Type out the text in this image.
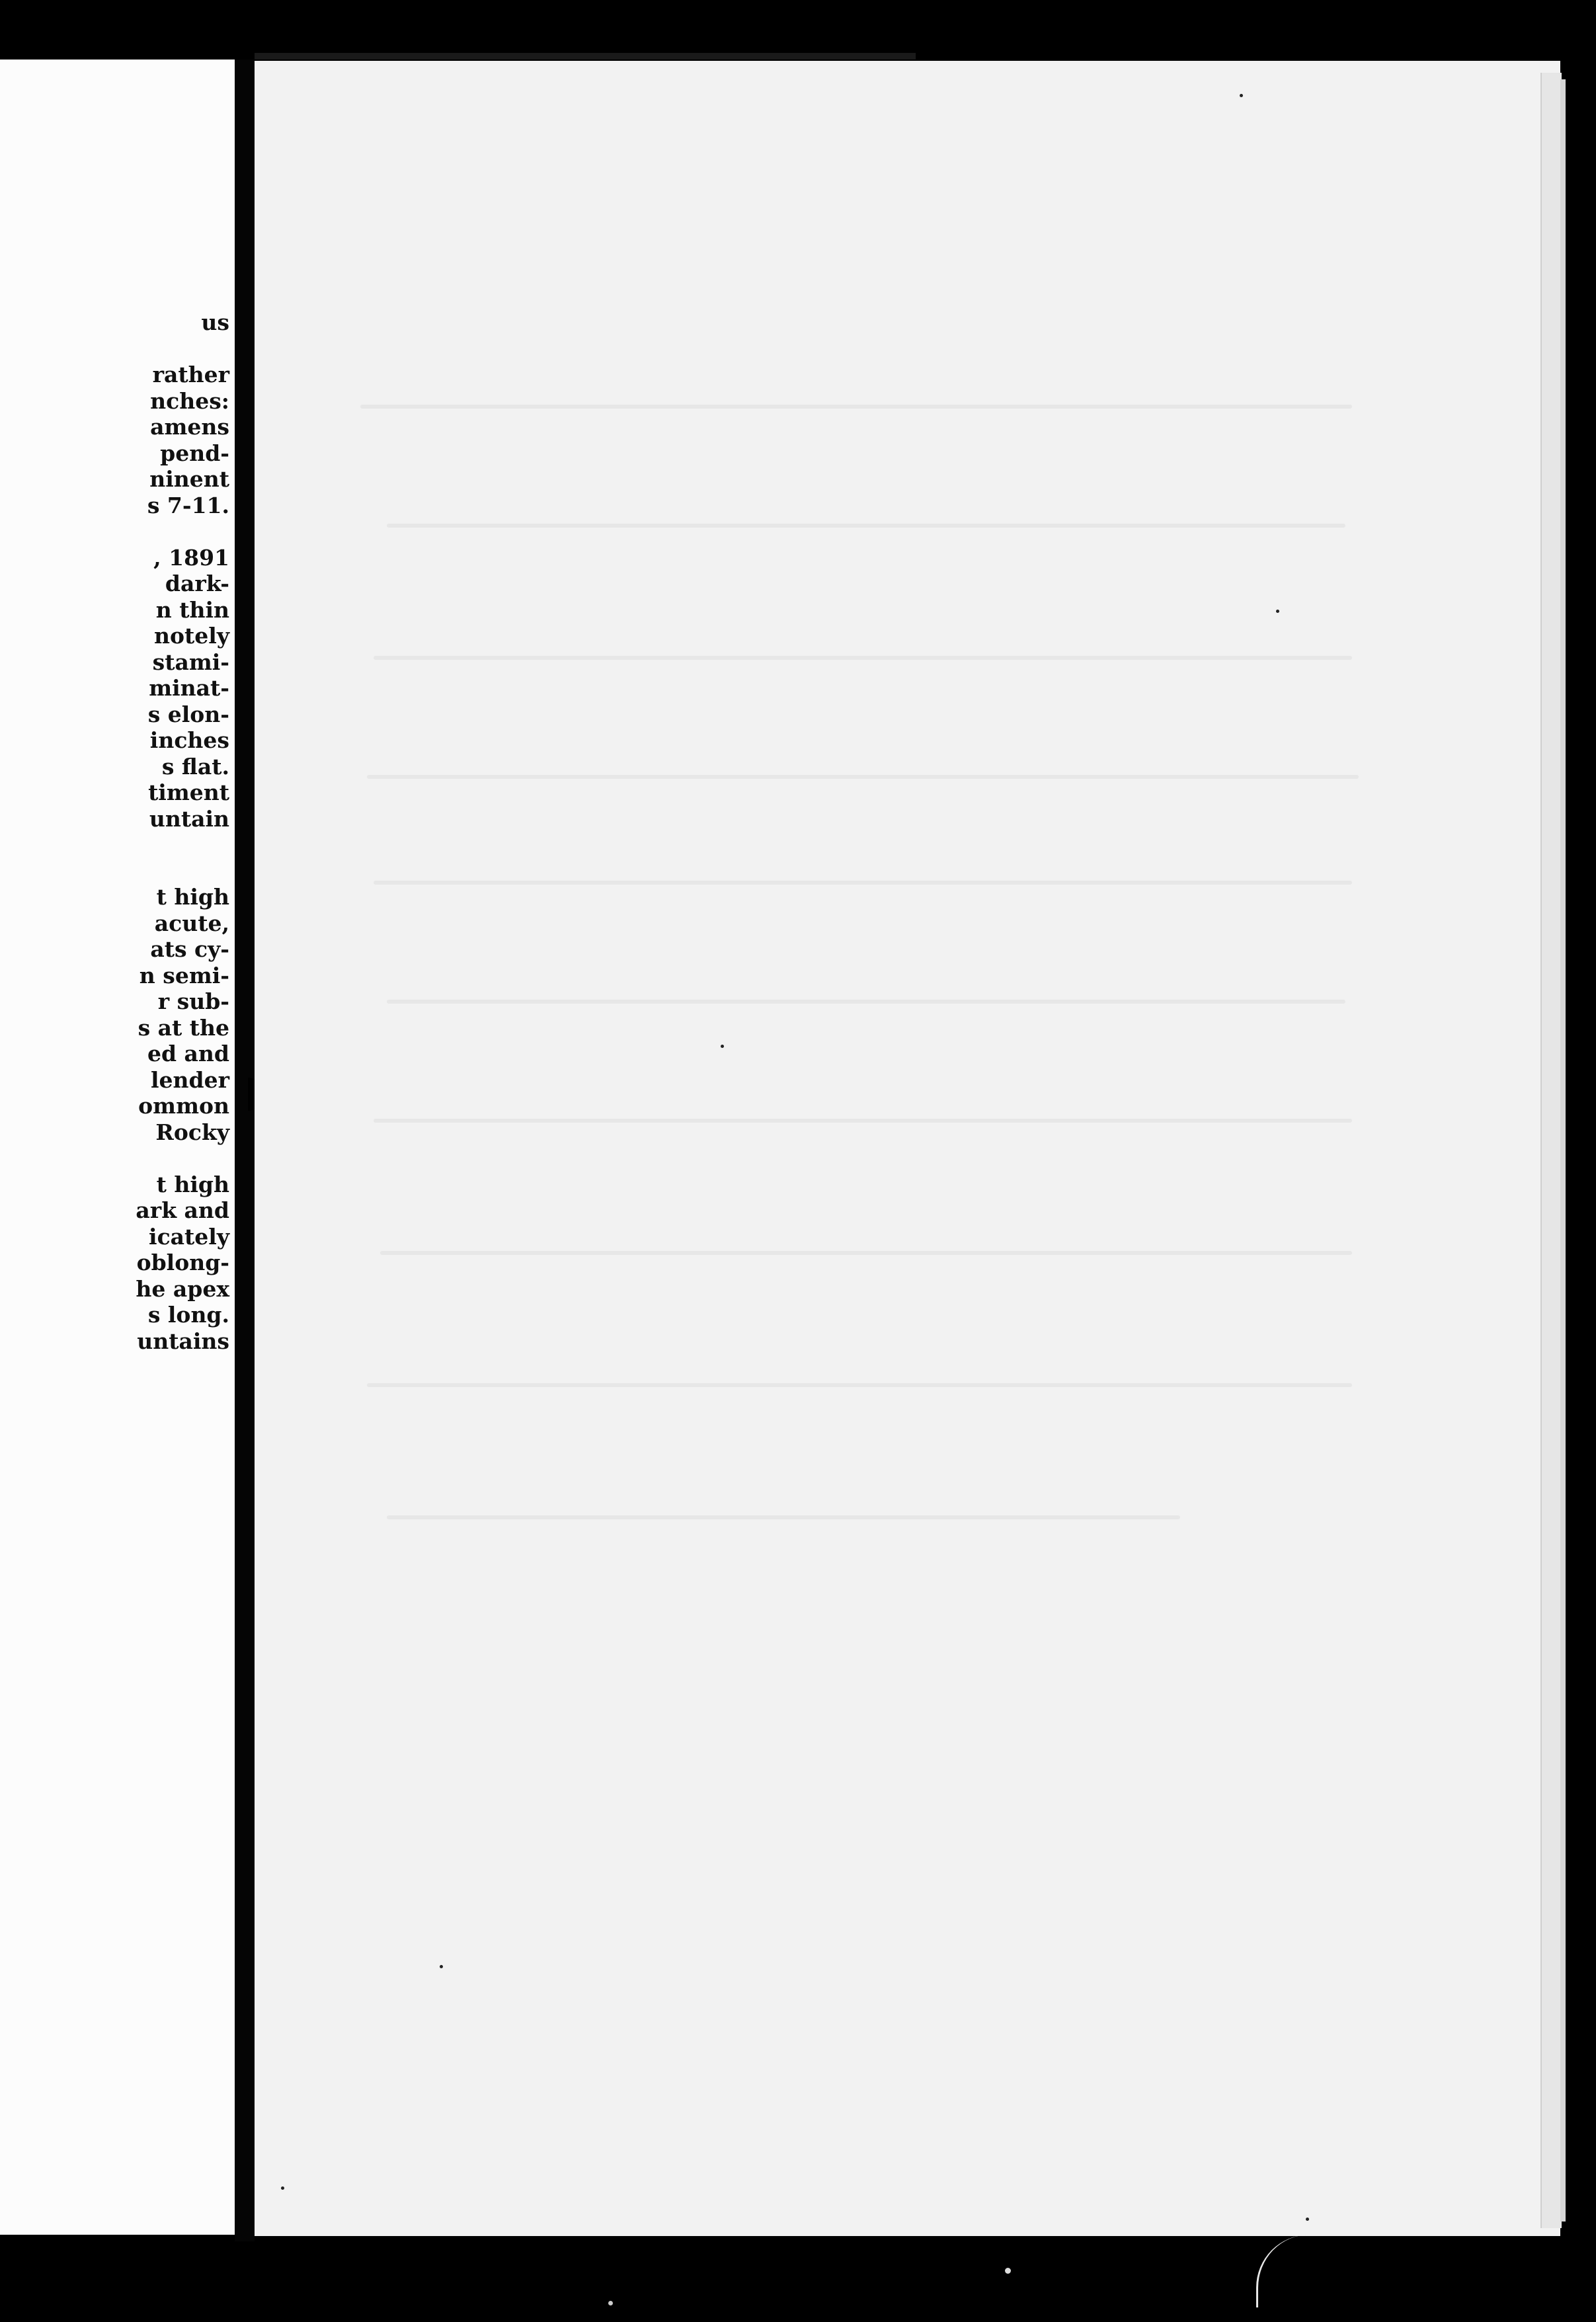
us
rather
nches:
amens
pend-
ninent
s 7-11.
, 1891
dark-
n thin
notely
stami-
minat-
s elon-
inches
s flat.
timent
untain
t high
acute,
ats cy-
n semi-
r sub-
s at the
ed and
lender
ommon
Rocky
t high
ark and
icately
oblong-
he apex
s long.
untains
